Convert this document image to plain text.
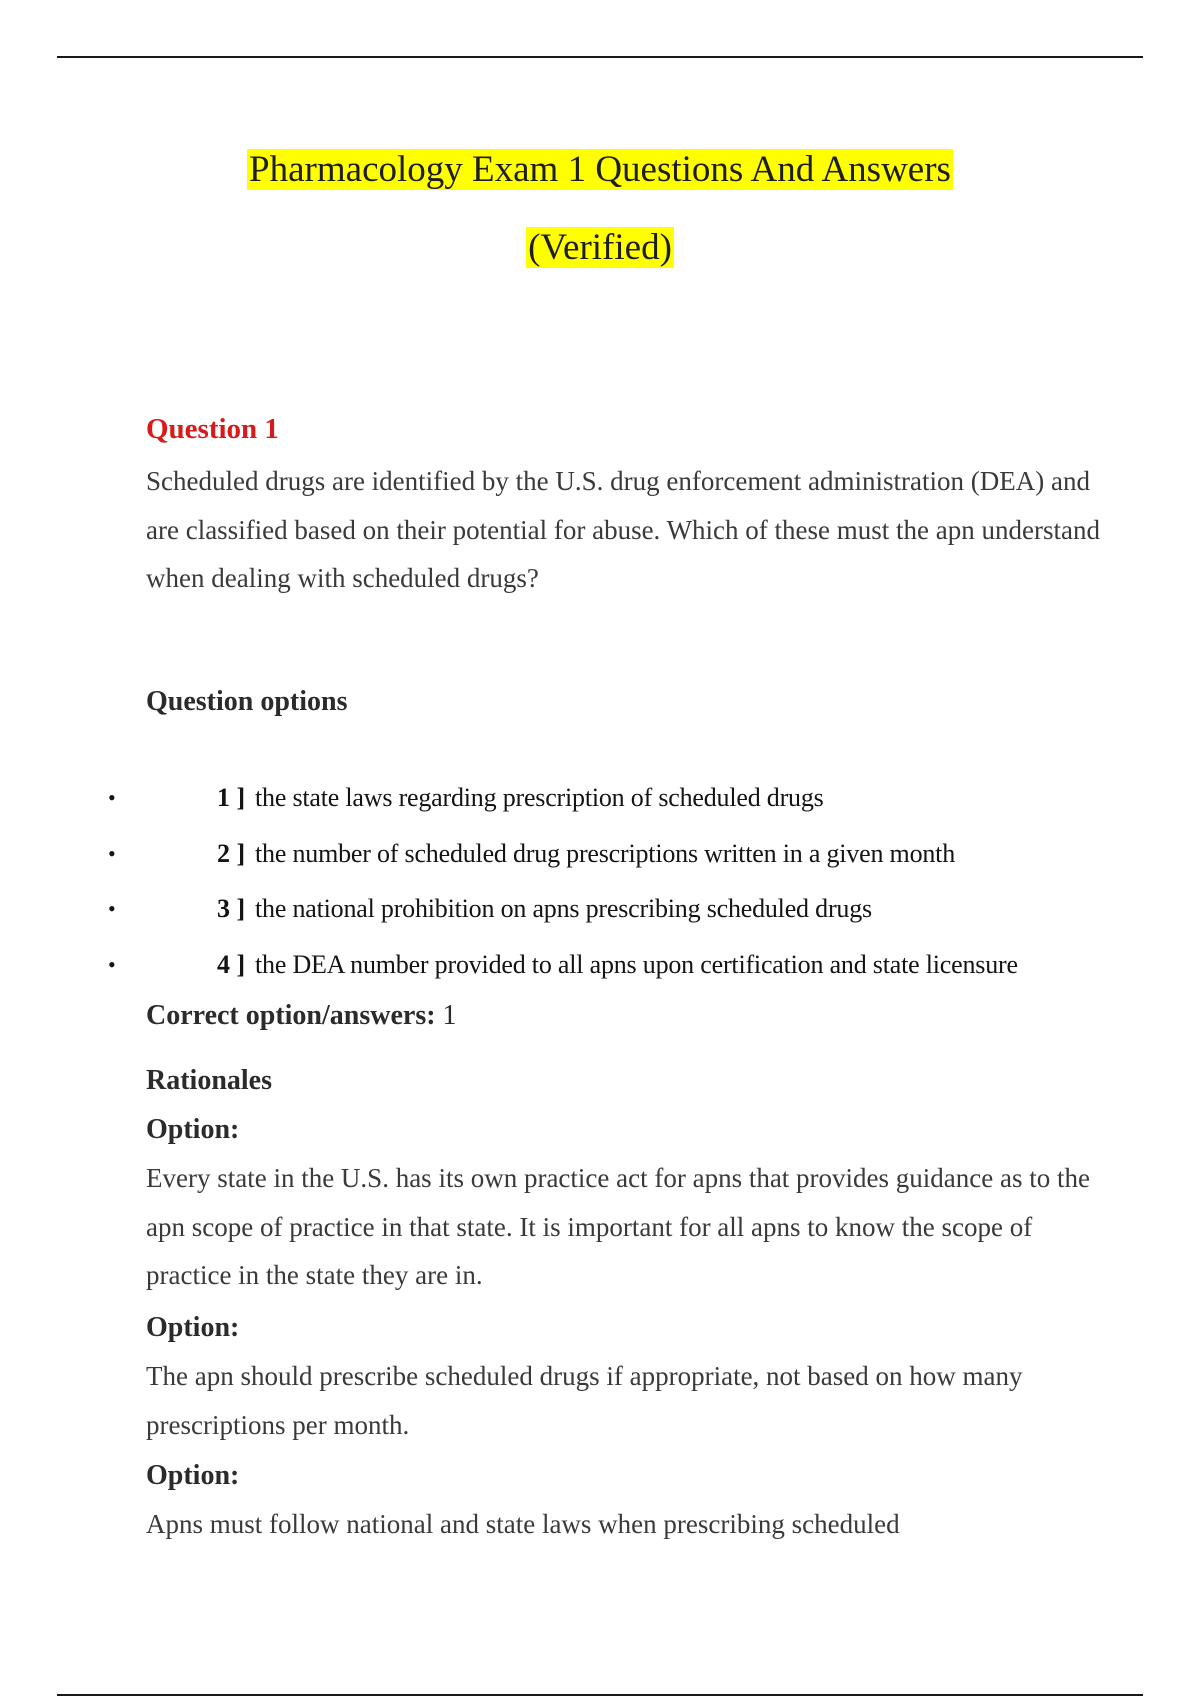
Pharmacology Exam 1 Questions And Answers
(Verified)
Question 1
Scheduled drugs are identified by the U.S. drug enforcement administration (DEA) and are classified based on their potential for abuse. Which of these must the apn understand when dealing with scheduled drugs?
Question options
•	1 ] the state laws regarding prescription of scheduled drugs
•	2 ] the number of scheduled drug prescriptions written in a given month
•	3 ] the national prohibition on apns prescribing scheduled drugs
•	4 ] the DEA number provided to all apns upon certification and state licensure
Correct option/answers: 1
Rationales
Option:
Every state in the U.S. has its own practice act for apns that provides guidance as to the apn scope of practice in that state. It is important for all apns to know the scope of practice in the state they are in.
Option:
The apn should prescribe scheduled drugs if appropriate, not based on how many prescriptions per month.
Option:
Apns must follow national and state laws when prescribing scheduled
